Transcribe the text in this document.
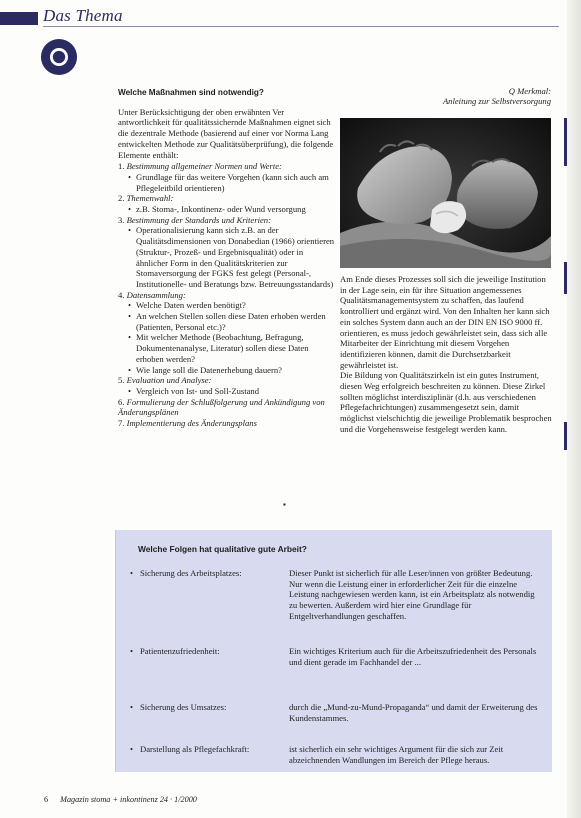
Das Thema
Welche Maßnahmen sind notwendig?

Unter Berücksichtigung der oben erwähnten Ver antwortlichkeit für qualitätssichernde Maßnahmen eignet sich die dezentrale Methode (basierend auf einer vor Norma Lang entwickelten Methode zur Qualitätsüberprüfung), die folgende Elemente enthält:

1. Bestimmung allgemeiner Normen und Werte:
• Grundlage für das weitere Vorgehen (kann sich auch am Pflegeleitbild orientieren)
2. Themenwahl:
• z.B. Stoma-, Inkontinenz- oder Wund versorgung
3. Bestimmung der Standards und Kriterien:
• Operationalisierung kann sich z.B. an der Qualitätsdimensionen von Donabedian (1966) orientieren (Struktur-, Prozeß- und Ergebnisqualität) oder in ähnlicher Form in den Qualitätskriterien zur Stomaversorgung der FGKS fest gelegt (Personal-, Institutionelle- und Beratungs bzw. Betreuungsstandards)
4. Datensammlung:
• Welche Daten werden benötigt?
• An welchen Stellen sollen diese Daten erhoben werden (Patienten, Personal etc.)?
• Mit welcher Methode (Beobachtung, Befragung, Dokumentenanalyse, Literatur) sollen diese Daten erhoben werden?
• Wie lange soll die Datenerhebung dauern?
5. Evaluation und Analyse:
• Vergleich von Ist- und Soll-Zustand
6. Formulierung der Schlußfolgerung und Ankündigung von Änderungsplänen
7. Implementierung des Änderungsplans
▪
Q Merkmal:
Anleitung zur Selbstversorgung

Am Ende dieses Prozesses soll sich die jeweilige Institution in der Lage sein, ein für ihre Situation angemessenes Qualitätsmanagementsystem zu schaffen, das laufend kontrolliert und ergänzt wird. Von den Inhalten her kann sich ein solches System dann auch an der DIN EN ISO 9000 ff. orientieren, es muss jedoch gewährleistet sein, dass sich alle Mitarbeiter der Einrichtung mit diesem Vorgehen identifizieren können, damit die Durchsetzbarkeit gewährleistet ist.

Die Bildung von Qualitätszirkeln ist ein gutes Instrument, diesen Weg erfolgreich beschreiten zu können. Diese Zirkel sollten möglichst interdisziplinär (d.h. aus verschiedenen Pflegefachrichtungen) zusammengesetzt sein, damit möglichst vielschichtig die jeweilige Problematik besprochen und die Vorgehensweise festgelegt werden kann.

Welche Folgen hat qualitative gute Arbeit?
• Sicherung des Arbeitsplatzes:	Dieser Punkt ist sicherlich für alle Leser/innen von größter Bedeutung. Nur wenn die Leistung einer in erforderlicher Zeit für die einzelne Leistung nachgewiesen werden kann, ist ein Arbeitsplatz als notwendig zu bewerten. Außerdem wird hier eine Grundlage für Entgeltverhandlungen geschaffen.
• Patientenzufriedenheit:	Ein wichtiges Kriterium auch für die Arbeitszufriedenheit des Personals und dient gerade im Fachhandel der ...
• Sicherung des Umsatzes:	durch die „Mund-zu-Mund-Propaganda“ und damit der Erweiterung des Kundenstammes.
• Darstellung als Pflegefachkraft:	ist sicherlich ein sehr wichtiges Argument für die sich zur Zeit abzeichnenden Wandlungen im Bereich der Pflege heraus.
6 Magazin stoma + inkontinenz 24 · 1/2000
